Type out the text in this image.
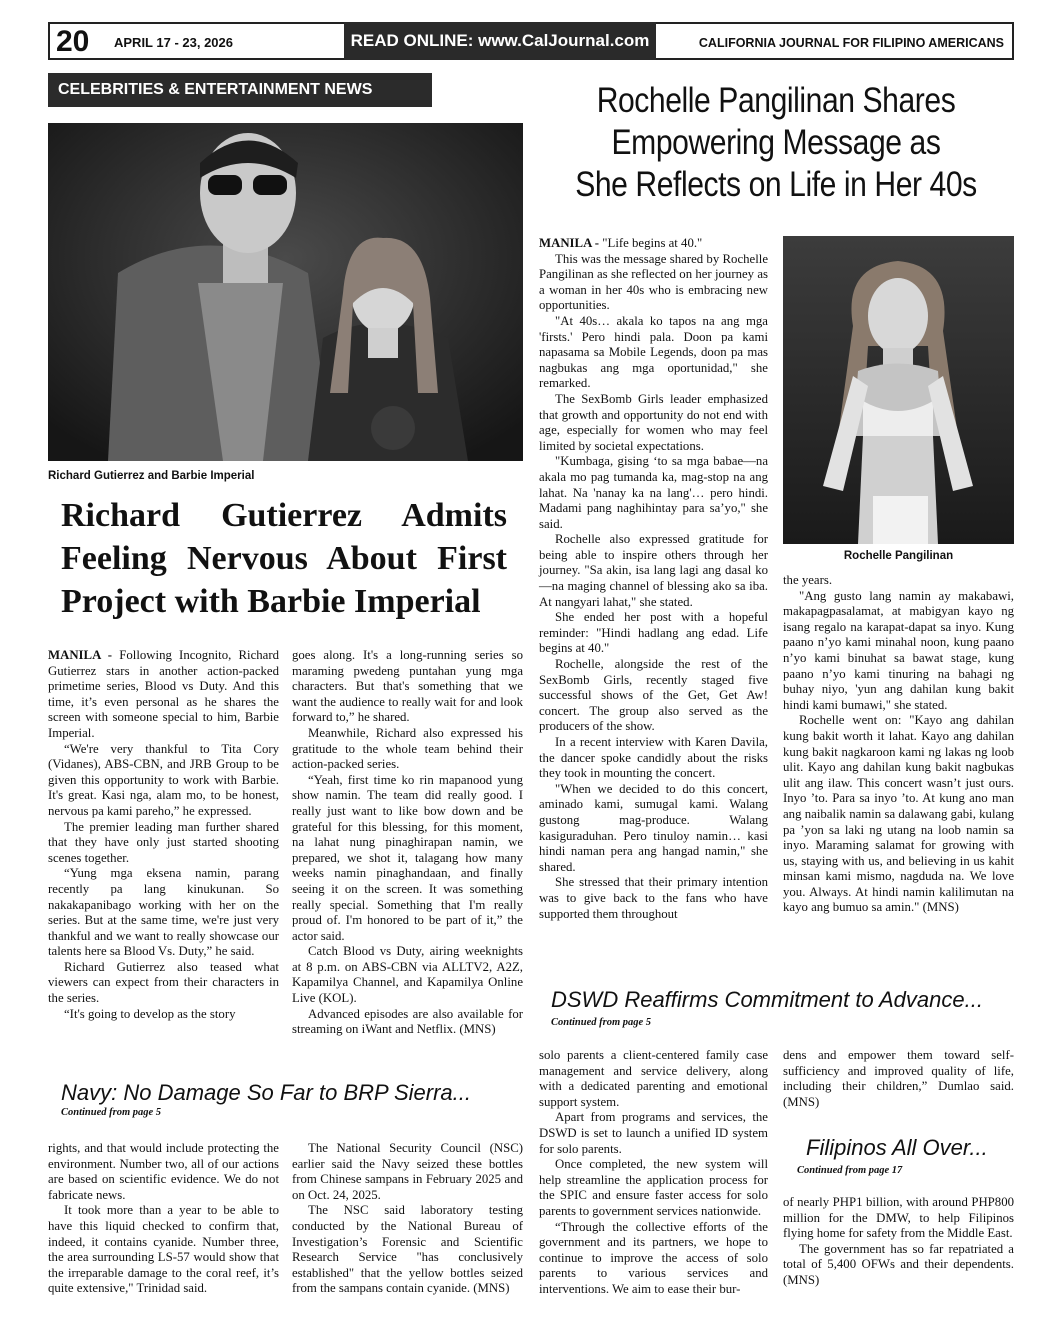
20 APRIL 17 - 23, 2026	READ ONLINE: www.CalJournal.com	CALIFORNIA JOURNAL FOR FILIPINO AMERICANS
CELEBRITIES & ENTERTAINMENT NEWS
Richard Gutierrez and Barbie Imperial
Richard Gutierrez Admits Feeling Nervous About First Project with Barbie Imperial

MANILA - Following Incognito, Richard Gutierrez stars in another action-packed primetime series, Blood vs Duty. And this time, it’s even personal as he shares the screen with someone special to him, Barbie Imperial.

“We're very thankful to Tita Cory (Vidanes), ABS-CBN, and JRB Group to be given this opportunity to work with Barbie. It's great. Kasi nga, alam mo, to be honest, nervous pa kami pareho,” he expressed.

The premier leading man further shared that they have only just started shooting scenes together.

“Yung mga eksena namin, parang recently pa lang kinukunan. So nakakapanibago working with her on the series. But at the same time, we're just very thankful and we want to really showcase our talents here sa Blood Vs. Duty,” he said.

Richard Gutierrez also teased what viewers can expect from their characters in the series.

“It's going to develop as the story

goes along. It's a long-running series so maraming pwedeng puntahan yung mga characters. But that's something that we want the audience to really wait for and look forward to,” he shared.

Meanwhile, Richard also expressed his gratitude to the whole team behind their action-packed series.

“Yeah, first time ko rin mapanood yung show namin. The team did really good. I really just want to like bow down and be grateful for this blessing, for this moment, na lahat nung pinaghirapan namin, we prepared, we shot it, talagang how many weeks namin pinaghandaan, and finally seeing it on the screen. It was something really special. Something that I'm really proud of. I'm honored to be part of it,” the actor said.

Catch Blood vs Duty, airing weeknights at 8 p.m. on ABS-CBN via ALLTV2, A2Z, Kapamilya Channel, and Kapamilya Online Live (KOL).

Advanced episodes are also available for streaming on iWant and Netflix. (MNS)

Rochelle Pangilinan Shares
Empowering Message as
She Reflects on Life in Her 40s
Rochelle Pangilinan

MANILA - "Life begins at 40."

This was the message shared by Rochelle Pangilinan as she reflected on her journey as a woman in her 40s who is embracing new opportunities.

"At 40s… akala ko tapos na ang mga 'firsts.' Pero hindi pala. Doon pa kami napasama sa Mobile Legends, doon pa mas nagbukas ang mga oportunidad," she remarked.

The SexBomb Girls leader emphasized that growth and opportunity do not end with age, especially for women who may feel limited by societal expectations.

"Kumbaga, gising ‘to sa mga babae—na akala mo pag tumanda ka, mag-stop na ang lahat. Na 'nanay ka na lang'… pero hindi. Madami pang naghihintay para sa’yo," she said.

Rochelle also expressed gratitude for being able to inspire others through her journey. "Sa akin, isa lang lagi ang dasal ko—na maging channel of blessing ako sa iba. At nangyari lahat," she stated.

She ended her post with a hopeful reminder: "Hindi hadlang ang edad. Life begins at 40."

Rochelle, alongside the rest of the SexBomb Girls, recently staged five successful shows of the Get, Get Aw! concert. The group also served as the producers of the show.

In a recent interview with Karen Davila, the dancer spoke candidly about the risks they took in mounting the concert.

"When we decided to do this concert, aminado kami, sumugal kami. Walang gustong mag-produce. Walang kasiguraduhan. Pero tinuloy namin… kasi hindi naman pera ang hangad namin," she shared.

She stressed that their primary intention was to give back to the fans who have supported them throughout

the years.

"Ang gusto lang namin ay makabawi, makapagpasalamat, at mabigyan kayo ng isang regalo na karapat-dapat sa inyo. Kung paano n’yo kami minahal noon, kung paano n’yo kami binuhat sa bawat stage, kung paano n’yo kami tinuring na bahagi ng buhay niyo, 'yun ang dahilan kung bakit hindi kami bumawi," she stated.

Rochelle went on: "Kayo ang dahilan kung bakit worth it lahat. Kayo ang dahilan kung bakit nagkaroon kami ng lakas ng loob ulit. Kayo ang dahilan kung bakit nagbukas ulit ang ilaw. This concert wasn’t just ours. Inyo ’to. Para sa inyo ’to. At kung ano man ang naibalik namin sa dalawang gabi, kulang pa ’yon sa laki ng utang na loob namin sa inyo. Maraming salamat for growing with us, staying with us, and believing in us kahit minsan kami mismo, nagduda na. We love you. Always. At hindi namin kalilimutan na kayo ang bumuo sa amin." (MNS)

DSWD Reaffirms Commitment to Advance...
Continued from page 5

solo parents a client-centered family case management and service delivery, along with a dedicated parenting and emotional support system.

Apart from programs and services, the DSWD is set to launch a unified ID system for solo parents.

Once completed, the new system will help streamline the application process for the SPIC and ensure faster access for solo parents to government services nationwide.

“Through the collective efforts of the government and its partners, we hope to continue to improve the access of solo parents to various services and interventions. We aim to ease their bur-

dens and empower them toward self-sufficiency and improved quality of life, including their children,” Dumlao said. (MNS)

Navy: No Damage So Far to BRP Sierra...
Continued from page 5

rights, and that would include protecting the environment. Number two, all of our actions are based on scientific evidence. We do not fabricate news.

It took more than a year to be able to have this liquid checked to confirm that, indeed, it contains cyanide. Number three, the area surrounding LS-57 would show that the irreparable damage to the coral reef, it’s quite extensive," Trinidad said.

The National Security Council (NSC) earlier said the Navy seized these bottles from Chinese sampans in February 2025 and on Oct. 24, 2025.

The NSC said laboratory testing conducted by the National Bureau of Investigation’s Forensic and Scientific Research Service "has conclusively established" that the yellow bottles seized from the sampans contain cyanide. (MNS)

Filipinos All Over...
Continued from page 17

of nearly PHP1 billion, with around PHP800 million for the DMW, to help Filipinos flying home for safety from the Middle East.

The government has so far repatriated a total of 5,400 OFWs and their dependents. (MNS)
